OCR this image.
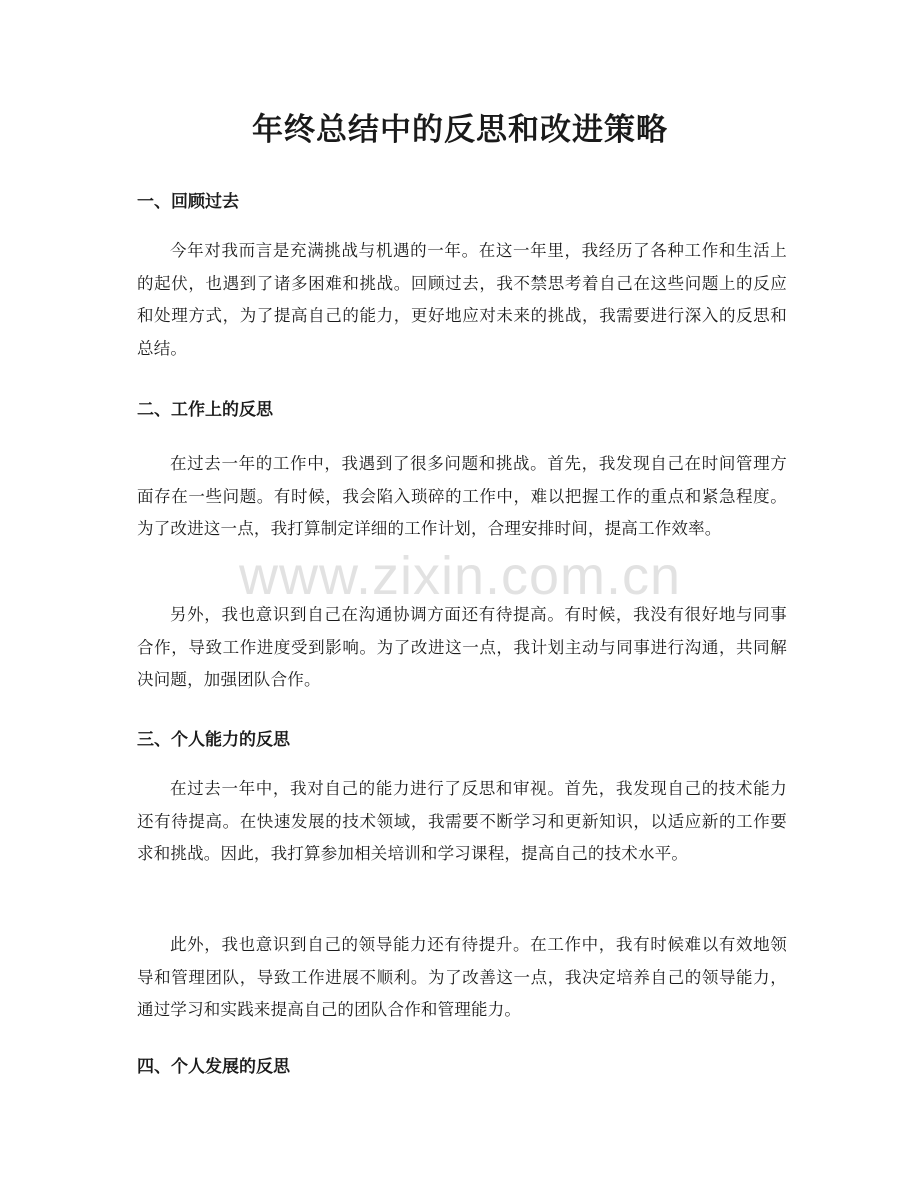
年终总结中的反思和改进策略
一、回顾过去

今年对我而言是充满挑战与机遇的一年。在这一年里，我经历了各种工作和生活上的起伏，也遇到了诸多困难和挑战。回顾过去，我不禁思考着自己在这些问题上的反应和处理方式，为了提高自己的能力，更好地应对未来的挑战，我需要进行深入的反思和总结。

二、工作上的反思

在过去一年的工作中，我遇到了很多问题和挑战。首先，我发现自己在时间管理方面存在一些问题。有时候，我会陷入琐碎的工作中，难以把握工作的重点和紧急程度。为了改进这一点，我打算制定详细的工作计划，合理安排时间，提高工作效率。

另外，我也意识到自己在沟通协调方面还有待提高。有时候，我没有很好地与同事合作，导致工作进度受到影响。为了改进这一点，我计划主动与同事进行沟通，共同解决问题，加强团队合作。

三、个人能力的反思

在过去一年中，我对自己的能力进行了反思和审视。首先，我发现自己的技术能力还有待提高。在快速发展的技术领域，我需要不断学习和更新知识，以适应新的工作要求和挑战。因此，我打算参加相关培训和学习课程，提高自己的技术水平。

此外，我也意识到自己的领导能力还有待提升。在工作中，我有时候难以有效地领导和管理团队，导致工作进展不顺利。为了改善这一点，我决定培养自己的领导能力，通过学习和实践来提高自己的团队合作和管理能力。

四、个人发展的反思
www.zixin.com.cn
